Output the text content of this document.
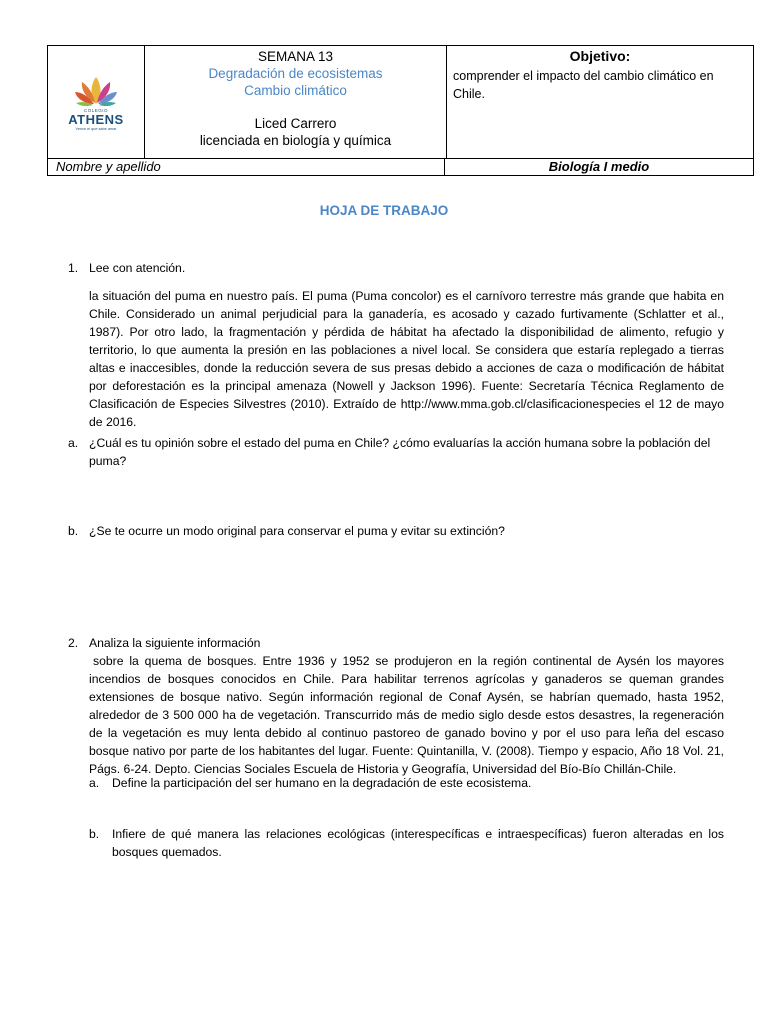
COLEGIO
ATHENS
Vence el que sabe amar
SEMANA 13
Degradación de ecosistemas
Cambio climático
Liced Carrero
licenciada en biología y química
Objetivo:
comprender el impacto del cambio climático en Chile.
Nombre y apellido	Biología I medio
HOJA DE TRABAJO
1. Lee con atención.
la situación del puma en nuestro país. El puma (Puma concolor) es el carnívoro terrestre más grande que habita en Chile. Considerado un animal perjudicial para la ganadería, es acosado y cazado furtivamente (Schlatter et al., 1987). Por otro lado, la fragmentación y pérdida de hábitat ha afectado la disponibilidad de alimento, refugio y territorio, lo que aumenta la presión en las poblaciones a nivel local. Se considera que estaría replegado a tierras altas e inaccesibles, donde la reducción severa de sus presas debido a acciones de caza o modificación de hábitat por deforestación es la principal amenaza (Nowell y Jackson 1996). Fuente: Secretaría Técnica Reglamento de Clasificación de Especies Silvestres (2010). Extraído de http://www.mma.gob.cl/clasificacionespecies el 12 de mayo de 2016.
a. ¿Cuál es tu opinión sobre el estado del puma en Chile? ¿cómo evaluarías la acción humana sobre la población del puma?
b. ¿Se te ocurre un modo original para conservar el puma y evitar su extinción?
2. Analiza la siguiente información
sobre la quema de bosques. Entre 1936 y 1952 se produjeron en la región continental de Aysén los mayores incendios de bosques conocidos en Chile. Para habilitar terrenos agrícolas y ganaderos se queman grandes extensiones de bosque nativo. Según información regional de Conaf Aysén, se habrían quemado, hasta 1952, alrededor de 3 500 000 ha de vegetación. Transcurrido más de medio siglo desde estos desastres, la regeneración de la vegetación es muy lenta debido al continuo pastoreo de ganado bovino y por el uso para leña del escaso bosque nativo por parte de los habitantes del lugar. Fuente: Quintanilla, V. (2008). Tiempo y espacio, Año 18 Vol. 21, Págs. 6-24. Depto. Ciencias Sociales Escuela de Historia y Geografía, Universidad del Bío-Bío Chillán-Chile.
a. Define la participación del ser humano en la degradación de este ecosistema.
b. Infiere de qué manera las relaciones ecológicas (interespecíficas e intraespecíficas) fueron alteradas en los bosques quemados.
